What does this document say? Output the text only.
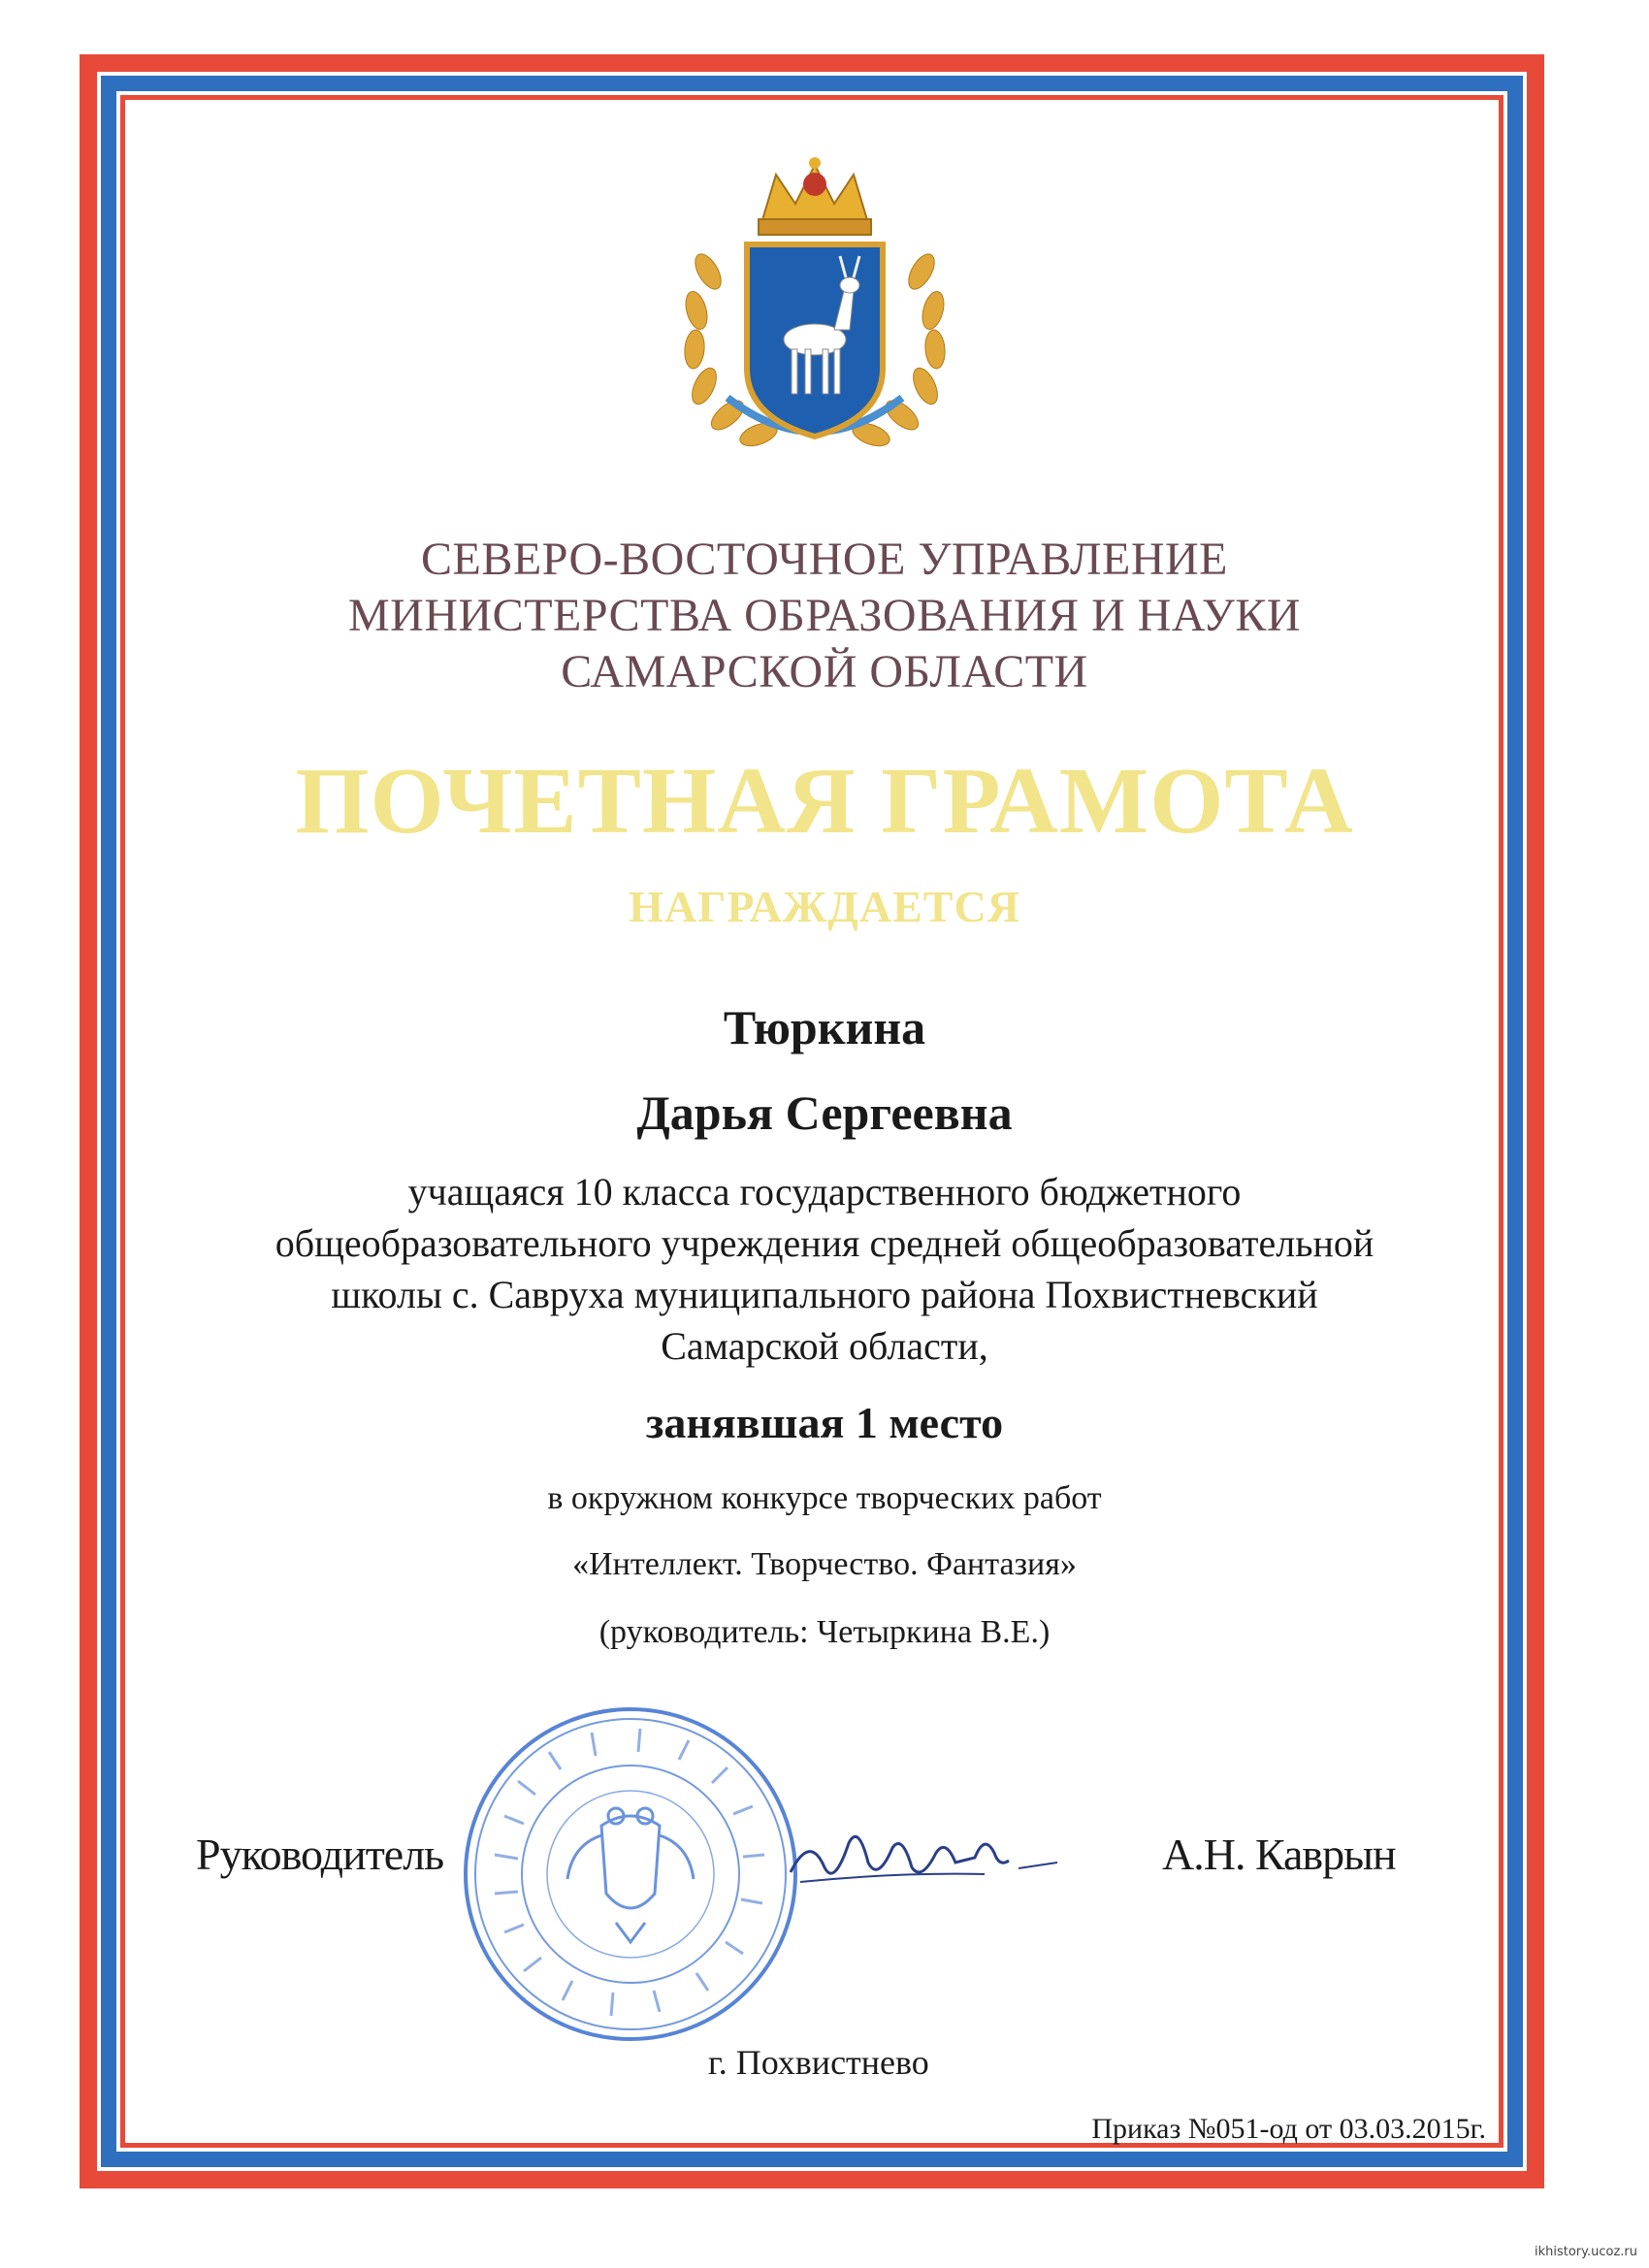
СЕВЕРО-ВОСТОЧНОЕ УПРАВЛЕНИЕ
МИНИСТЕРСТВА ОБРАЗОВАНИЯ И НАУКИ
САМАРСКОЙ ОБЛАСТИ
ПОЧЕТНАЯ ГРАМОТА
НАГРАЖДАЕТСЯ
Тюркина
Дарья Сергеевна
учащаяся 10 класса государственного бюджетного
общеобразовательного учреждения средней общеобразовательной
школы с. Савруха муниципального района Похвистневский
Самарской области,
занявшая 1 место
в окружном конкурсе творческих работ
«Интеллект. Творчество. Фантазия»
(руководитель: Четыркина В.Е.)
Руководитель	А.Н. Каврын
г. Похвистнево
Приказ №051-од от 03.03.2015г.
ikhistory.ucoz.ru
